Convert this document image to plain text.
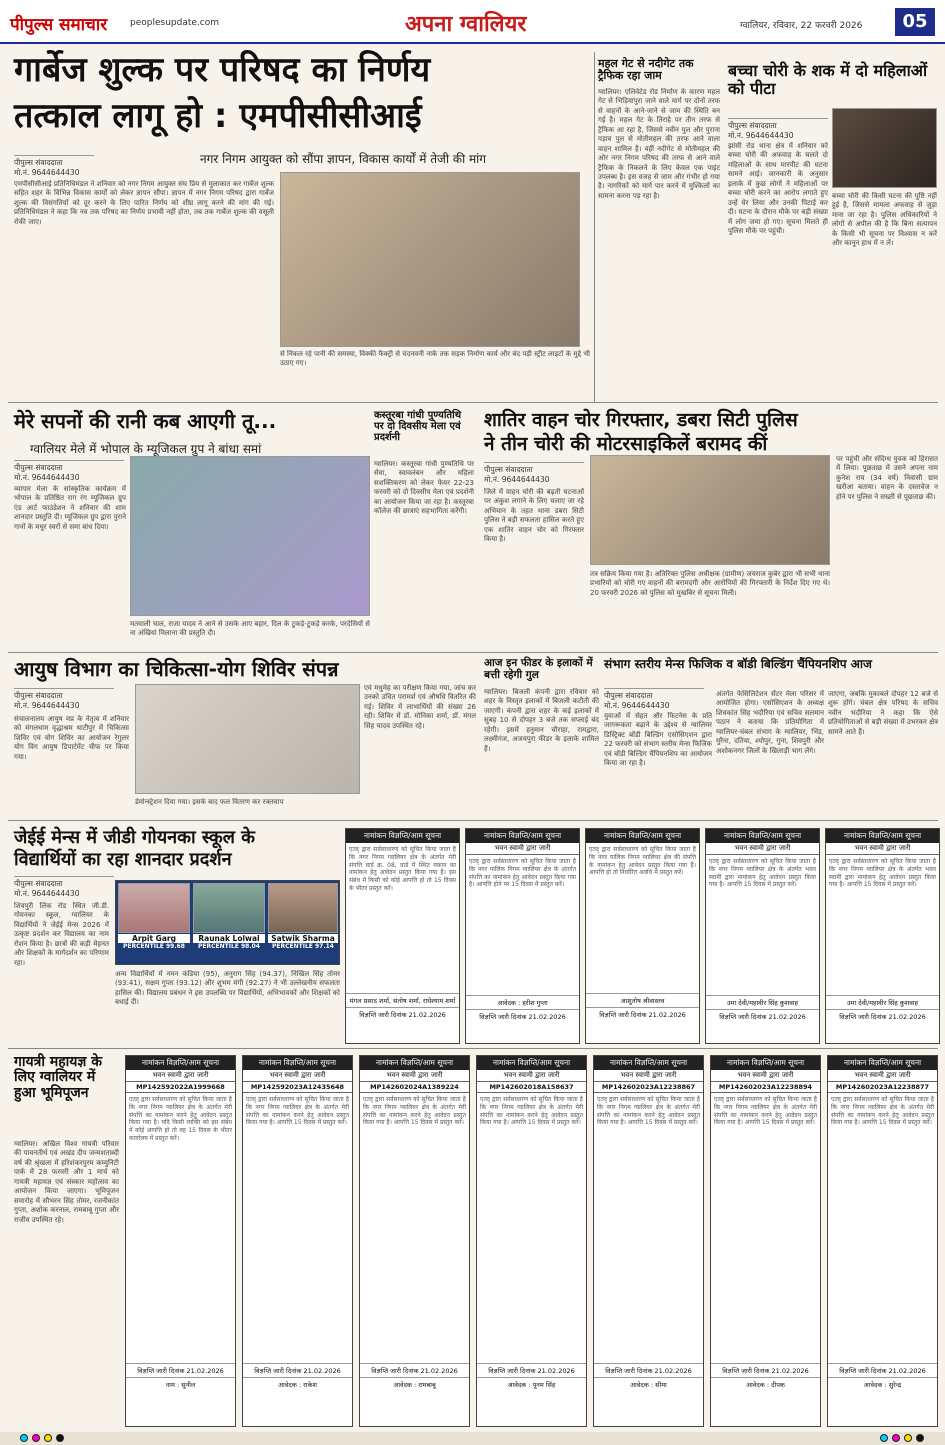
पीपुल्स समाचार	peoplesupdate.com	अपना ग्वालियर	ग्वालियर, रविवार, 22 फरवरी 2026	05
गार्बेज शुल्क पर परिषद का निर्णय
तत्काल लागू हो : एमपीसीसीआई
पीपुल्स संवाददाता
मो.नं. 9644644430
नगर निगम आयुक्त को सौंपा ज्ञापन, विकास कार्यों में तेजी की मांग
एमपीसीसीआई प्रतिनिधिमंडल ने शनिवार को नगर निगम आयुक्त संघ प्रिय से मुलाकात कर गार्बेज शुल्क सहित शहर के विभिन्न विकास कार्यों को लेकर ज्ञापन सौंपा। ज्ञापन में नगर निगम परिषद द्वारा गार्बेज शुल्क की विसंगतियों को दूर करने के लिए पारित निर्णय को शीघ्र लागू करने की मांग की गई। प्रतिनिधिमंडल ने कहा कि नव तक परिषद का निर्णय प्रभावी नहीं होता, तब तक गार्बेज शुल्क की वसूली रोकी जाए।
से निकल रहे पानी की समस्या, विक्की फैक्ट्री से चंदनवनी नाके तक सड़क निर्माण कार्य और बंद पड़ी स्ट्रीट लाइटों के मुद्दे भी उठाए गए।
महल गेट से नदीगेट तक ट्रैफिक रहा जाम
ग्वालियर। एलिवेटेड रोड निर्माण के कारण महल गेट से भिड़ियापुरा जाने वाले मार्ग पर दोनों तरफ से वाहनों के आने-जाने से जाम की स्थिति बन गई है। महल गेट के तिराहे पर तीन तरफ से ट्रैफिक आ रहा है, जिससे नवीन पुल और पुराना पड़ाव पुल से मोतीमहल की तरफ आने वाला वाहन शामिल है। वहीं नदीगेट से मोतीमहल की ओर नगर निगम परिषद की तरफ से आने वाले ट्रैफिक के निकलने के लिए केवल एक पाइंट उपलब्ध है। इस वजह से जाम और गंभीर हो गया है। नागरिकों को मार्ग पार करने में मुश्किलों का सामना करना पड़ रहा है।
बच्चा चोरी के शक में दो महिलाओं को पीटा
पीपुल्स संवाददाता
मो.नं. 9644644430
झांसी रोड थाना क्षेत्र में शनिवार को बच्चा चोरी की अफवाह के चलते दो महिलाओं के साथ मारपीट की घटना सामने आई। जानकारी के अनुसार इलाके में कुछ लोगों ने महिलाओं पर बच्चा चोरी करने का आरोप लगाते हुए उन्हें घेर लिया और उनकी पिटाई कर दी। घटना के दौरान मौके पर बड़ी संख्या में लोग जमा हो गए। सूचना मिलते ही पुलिस मौके पर पहुंची।
बच्चा चोरी की किसी घटना की पुष्टि नहीं हुई है, जिससे मामला अफवाह से जुड़ा माना जा रहा है। पुलिस अधिकारियों ने लोगों से अपील की है कि बिना सत्यापन के किसी भी सूचना पर विश्वास न करें और कानून हाथ में न लें।
मेरे सपनों की रानी कब आएगी तू...
ग्वालियर मेले में भोपाल के म्यूजिकल ग्रुप ने बांधा समां
पीपुल्स संवाददाता
मो.नं. 9644644430
व्यापार मेला के सांस्कृतिक कार्यक्रम में भोपाल के प्रतिष्ठित राग रंग म्यूजिकल ग्रुप एंड आर्ट फाउंडेशन ने शनिवार की शाम शानदार प्रस्तुति दी। म्यूजिकल ग्रुप द्वारा पुराने गानों के मधुर स्वरों से समा बांध दिया।
मतवाली चाल, राजा यादव ने आने से उसके आए बहार, दिल के टुकड़े-टुकड़े करके, परदेसियों से ना अंखियां मिलाना की प्रस्तुति दी।
कस्तूरबा गांधी पुण्यतिथि पर दो दिवसीय मेला एवं प्रदर्शनी
ग्वालियर। कस्तूरबा गांधी पुण्यतिथि पर सेवा, स्वावलंबन और महिला सशक्तिकरण को लेकर फेयर 22-23 फरवरी को दो दिवसीय मेला एवं प्रदर्शनी का आयोजन किया जा रहा है। कस्तूरबा कॉलेज की छात्राएं सहभागिता करेंगी।
शातिर वाहन चोर गिरफ्तार, डबरा सिटी पुलिस
ने तीन चोरी की मोटरसाइकिलें बरामद कीं
पीपुल्स संवाददाता
मो.नं. 9644644430
जिले में वाहन चोरी की बढ़ती घटनाओं पर अंकुश लगाने के लिए चलाए जा रहे अभियान के तहत थाना डबरा सिटी पुलिस ने बड़ी सफलता हासिल करते हुए एक शातिर वाहन चोर को गिरफ्तार किया है।
तत्र सक्रिय किया गया है। अतिरिक्त पुलिस अधीक्षक (ग्रामीण) जयराज कुबेर द्वारा भी सभी थाना प्रभारियों को चोरी गए वाहनों की बरामदगी और आरोपियों की गिरफ्तारी के निर्देश दिए गए थे। 20 फरवरी 2026 को पुलिस को मुखबिर से सूचना मिली।
पर पहुंची और संदिग्ध युवक को हिरासत में लिया। पूछताछ में उसने अपना नाम कुनेश राय (34 वर्ष) निवासी ग्राम खरौआ बताया। वाहन के दस्तावेज न होने पर पुलिस ने सख्ती से पूछताछ की।
आयुष विभाग का चिकित्सा-योग शिविर संपन्न
पीपुल्स संवाददाता
मो.नं. 9644644430
संचालनालय आयुष मप्र के नेतृत्व में शनिवार को मंगलधाम वृद्धाश्रम थाटीपुर में चिकित्सा शिविर एवं योग शिविर का आयोजन रेगुलर योग विंग आयुष डिपार्टमेंट चीफ पर किया गया।
डेमोन्स्ट्रेशन दिया गया। इसके बाद फल वितरण कर रक्तचाप
एवं मधुमेह का परीक्षण किया गया, जांच कर उनको उचित परामर्श एवं औषधि वितरित की गई। शिविर में लाभार्थियों की संख्या 26 रही। शिविर में डॉ. मोनिका शर्मा, डॉ. मंगल सिंह यादव उपस्थित रहे।
आज इन फीडर के इलाकों में बत्ती रहेगी गुल
ग्वालियर। बिजली कंपनी द्वारा रविवार को शहर के विस्तृत इलाकों में बिजली कटौती की जाएगी। कंपनी द्वारा शहर के कई इलाकों में सुबह 10 से दोपहर 3 बजे तक सप्लाई बंद रहेगी। इसमें हनुमान चौराहा, रामद्वारा, लक्ष्मीगंज, अजयपुरा फीडर के इलाके शामिल हैं।
संभाग स्तरीय मेन्स फिजिक व बॉडी बिल्डिंग चैंपियनशिप आज
पीपुल्स संवाददाता
मो.नं. 9644644430
युवाओं में सेहत और फिटनेस के प्रति जागरूकता बढ़ाने के उद्देश्य से ग्वालियर डिस्ट्रिक्ट बॉडी बिल्डिंग एसोसिएशन द्वारा 22 फरवरी को संभाग स्तरीय मेन्स फिजिक एवं बॉडी बिल्डिंग चैंपियनशिप का आयोजन किया जा रहा है।
अंतर्गत फेसिलिटेशन सेंटर मेला परिसर में आयोजित होगा। एसोसिएशन के अध्यक्ष शिवकांत सिंह भदौरिया एवं सचिव सलमान पठान ने बताया कि प्रतियोगिता में ग्वालियर-चंबल संभाग के ग्वालियर, भिंड, मुरैना, दतिया, श्योपुर, गुना, शिवपुरी और अशोकनगर जिलों के खिलाड़ी भाग लेंगे।
जाएगा, जबकि मुकाबले दोपहर 12 बजे से शुरू होंगे। चंबल क्षेत्र परिषद के सचिव नवीन भदौरिया ने कहा कि ऐसे प्रतियोगिताओं से बड़ी संख्या में उभरकर क्षेत्र सामने आते हैं।
जेईई मेन्स में जीडी गोयनका स्कूल के
विद्यार्थियों का रहा शानदार प्रदर्शन
पीपुल्स संवाददाता
मो.नं. 9644644430
शिवपुरी लिंक रोड स्थित जी.डी. गोयनका स्कूल, ग्वालियर के विद्यार्थियों ने जेईई मेन्स 2026 में उत्कृष्ट प्रदर्शन कर विद्यालय का नाम रोशन किया है। छात्रों की कड़ी मेहनत और शिक्षकों के मार्गदर्शन का परिणाम रहा।
Arpit Garg
PERCENTILE 99.68
Raunak Lolwal
PERCENTILE 98.04
Satwik Sharma
PERCENTILE 97.14
अन्य विद्यार्थियों में नमन कंडिया (95), अनुराग सिंह (94.37), निखिल सिंह तोमर (93.41), सक्षम गुप्ता (93.12) और शुभम मंगी (92.27) ने भी उल्लेखनीय सफलता हासिल की। विद्यालय प्रबंधन ने इस उपलब्धि पर विद्यार्थियों, अभिभावकों और शिक्षकों को बधाई दी।
नामांकन विज्ञप्ति/आम सूचना
एतद् द्वारा सर्वसाधारण को सूचित किया जाता है कि नगर निगम ग्वालियर क्षेत्र के अंतर्गत मेरी संपत्ति वार्ड क्र. 08, वार्ड में स्थित मकान का नामांकन हेतु आवेदन प्रस्तुत किया गया है। इस संबंध में किसी को कोई आपत्ति हो तो 15 दिवस के भीतर प्रस्तुत करें।
मंगल प्रसाद शर्मा, संतोष शर्मा, राधेश्याम शर्मा
विज्ञप्ति जारी दिनांक 21.02.2026
नामांकन विज्ञप्ति/आम सूचना
भवन स्वामी द्वारा जारी
एतद् द्वारा सर्वसाधारण को सूचित किया जाता है कि नगर पालिक निगम ग्वालियर क्षेत्र के अंतर्गत संपत्ति का नामांकन हेतु आवेदन प्रस्तुत किया गया है। आपत्ति होने पर 15 दिवस में प्रस्तुत करें।
आवेदक : हरीश गुप्ता
विज्ञप्ति जारी दिनांक 21.02.2026
नामांकन विज्ञप्ति/आम सूचना
एतद् द्वारा सर्वसाधारण को सूचित किया जाता है कि नगर पालिक निगम ग्वालियर क्षेत्र की संपत्ति के नामांकन हेतु आवेदन प्रस्तुत किया गया है। आपत्ति हो तो निर्धारित अवधि में प्रस्तुत करें।
आशुतोष श्रीवास्तव
विज्ञप्ति जारी दिनांक 21.02.2026
नामांकन विज्ञप्ति/आम सूचना
भवन स्वामी द्वारा जारी
एतद् द्वारा सर्वसाधारण को सूचित किया जाता है कि नगर निगम ग्वालियर क्षेत्र के अंतर्गत भवन स्वामी द्वारा नामांकन हेतु आवेदन प्रस्तुत किया गया है। आपत्ति 15 दिवस में प्रस्तुत करें।
उमा देवी/महावीर सिंह कुशवाह
विज्ञप्ति जारी दिनांक 21.02.2026
नामांकन विज्ञप्ति/आम सूचना
भवन स्वामी द्वारा जारी
एतद् द्वारा सर्वसाधारण को सूचित किया जाता है कि नगर निगम ग्वालियर क्षेत्र के अंतर्गत भवन स्वामी द्वारा नामांकन हेतु आवेदन प्रस्तुत किया गया है। आपत्ति 15 दिवस में प्रस्तुत करें।
उमा देवी/महावीर सिंह कुशवाह
विज्ञप्ति जारी दिनांक 21.02.2026
गायत्री महायज्ञ के लिए ग्वालियर में हुआ भूमिपूजन
ग्वालियर। अखिल विश्व गायत्री परिवार की पावनतीर्थ एवं अखंड दीप जन्मशताब्दी वर्ष की श्रृंखला में हरिशंकरपुरम कम्युनिटी पार्क में 28 फरवरी और 1 मार्च को गायत्री महायज्ञ एवं संस्कार महोत्सव का आयोजन किया जाएगा। भूमिपूजन समारोह में सौभरन सिंह तोमर, रजनीकांत गुप्ता, अशोक करनाल, रामबाबू गुप्ता और राजीव उपस्थित रहे।
नामांकन विज्ञप्ति/आम सूचना
भवन स्वामी द्वारा जारी
MP142592022A1999668
एतद् द्वारा सर्वसाधारण को सूचित किया जाता है कि नगर निगम ग्वालियर क्षेत्र के अंतर्गत मेरी संपत्ति का नामांकन करने हेतु आवेदन प्रस्तुत किया गया है। यदि किसी व्यक्ति को इस संबंध में कोई आपत्ति हो तो वह 15 दिवस के भीतर कार्यालय में प्रस्तुत करें।
विज्ञप्ति जारी दिनांक 21.02.2026
नाम : सुनील
नामांकन विज्ञप्ति/आम सूचना
भवन स्वामी द्वारा जारी
MP142592023A12435648
एतद् द्वारा सर्वसाधारण को सूचित किया जाता है कि नगर निगम ग्वालियर क्षेत्र के अंतर्गत मेरी संपत्ति का नामांकन करने हेतु आवेदन प्रस्तुत किया गया है। आपत्ति 15 दिवस में प्रस्तुत करें।
विज्ञप्ति जारी दिनांक 21.02.2026
आवेदक : राकेश
नामांकन विज्ञप्ति/आम सूचना
भवन स्वामी द्वारा जारी
MP142602024A1389224
एतद् द्वारा सर्वसाधारण को सूचित किया जाता है कि नगर निगम ग्वालियर क्षेत्र के अंतर्गत मेरी संपत्ति का नामांकन करने हेतु आवेदन प्रस्तुत किया गया है। आपत्ति 15 दिवस में प्रस्तुत करें।
विज्ञप्ति जारी दिनांक 21.02.2026
आवेदक : रामबाबू
नामांकन विज्ञप्ति/आम सूचना
भवन स्वामी द्वारा जारी
MP142602018A158637
एतद् द्वारा सर्वसाधारण को सूचित किया जाता है कि नगर निगम ग्वालियर क्षेत्र के अंतर्गत मेरी संपत्ति का नामांकन करने हेतु आवेदन प्रस्तुत किया गया है। आपत्ति 15 दिवस में प्रस्तुत करें।
विज्ञप्ति जारी दिनांक 21.02.2026
आवेदक : पूनम सिंह
नामांकन विज्ञप्ति/आम सूचना
भवन स्वामी द्वारा जारी
MP142602023A12238867
एतद् द्वारा सर्वसाधारण को सूचित किया जाता है कि नगर निगम ग्वालियर क्षेत्र के अंतर्गत मेरी संपत्ति का नामांकन करने हेतु आवेदन प्रस्तुत किया गया है। आपत्ति 15 दिवस में प्रस्तुत करें।
विज्ञप्ति जारी दिनांक 21.02.2026
आवेदक : सीमा
नामांकन विज्ञप्ति/आम सूचना
भवन स्वामी द्वारा जारी
MP142602023A12238894
एतद् द्वारा सर्वसाधारण को सूचित किया जाता है कि नगर निगम ग्वालियर क्षेत्र के अंतर्गत मेरी संपत्ति का नामांकन करने हेतु आवेदन प्रस्तुत किया गया है। आपत्ति 15 दिवस में प्रस्तुत करें।
विज्ञप्ति जारी दिनांक 21.02.2026
आवेदक : दीपक
नामांकन विज्ञप्ति/आम सूचना
भवन स्वामी द्वारा जारी
MP142602023A12238877
एतद् द्वारा सर्वसाधारण को सूचित किया जाता है कि नगर निगम ग्वालियर क्षेत्र के अंतर्गत मेरी संपत्ति का नामांकन करने हेतु आवेदन प्रस्तुत किया गया है। आपत्ति 15 दिवस में प्रस्तुत करें।
विज्ञप्ति जारी दिनांक 21.02.2026
आवेदक : सुरेन्द्र
